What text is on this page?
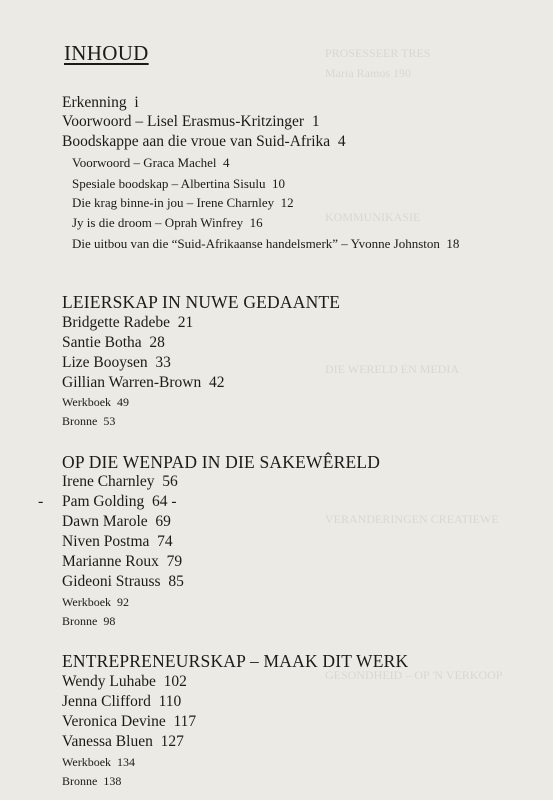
PROSESSEER TRES
Maria Ramos 190
KOMMUNIKASIE
DIE WERELD EN MEDIA
VERANDERINGEN CREATIEWE
GESONDHEID – OP 'N VERKOOP
INHOUD
Erkenning i
Voorwoord – Lisel Erasmus-Kritzinger 1
Boodskappe aan die vroue van Suid-Afrika 4
Voorwoord – Graca Machel 4
Spesiale boodskap – Albertina Sisulu 10
Die krag binne-in jou – Irene Charnley 12
Jy is die droom – Oprah Winfrey 16
Die uitbou van die “Suid-Afrikaanse handelsmerk” – Yvonne Johnston 18
LEIERSKAP IN NUWE GEDAANTE
Bridgette Radebe 21
Santie Botha 28
Lize Booysen 33
Gillian Warren-Brown 42
Werkboek 49
Bronne 53
OP DIE WENPAD IN DIE SAKEWÊRELD
Irene Charnley 56
- Pam Golding 64 -
Dawn Marole 69
Niven Postma 74
Marianne Roux 79
Gideoni Strauss 85
Werkboek 92
Bronne 98
ENTREPRENEURSKAP – MAAK DIT WERK
Wendy Luhabe 102
Jenna Clifford 110
Veronica Devine 117
Vanessa Bluen 127
Werkboek 134
Bronne 138
